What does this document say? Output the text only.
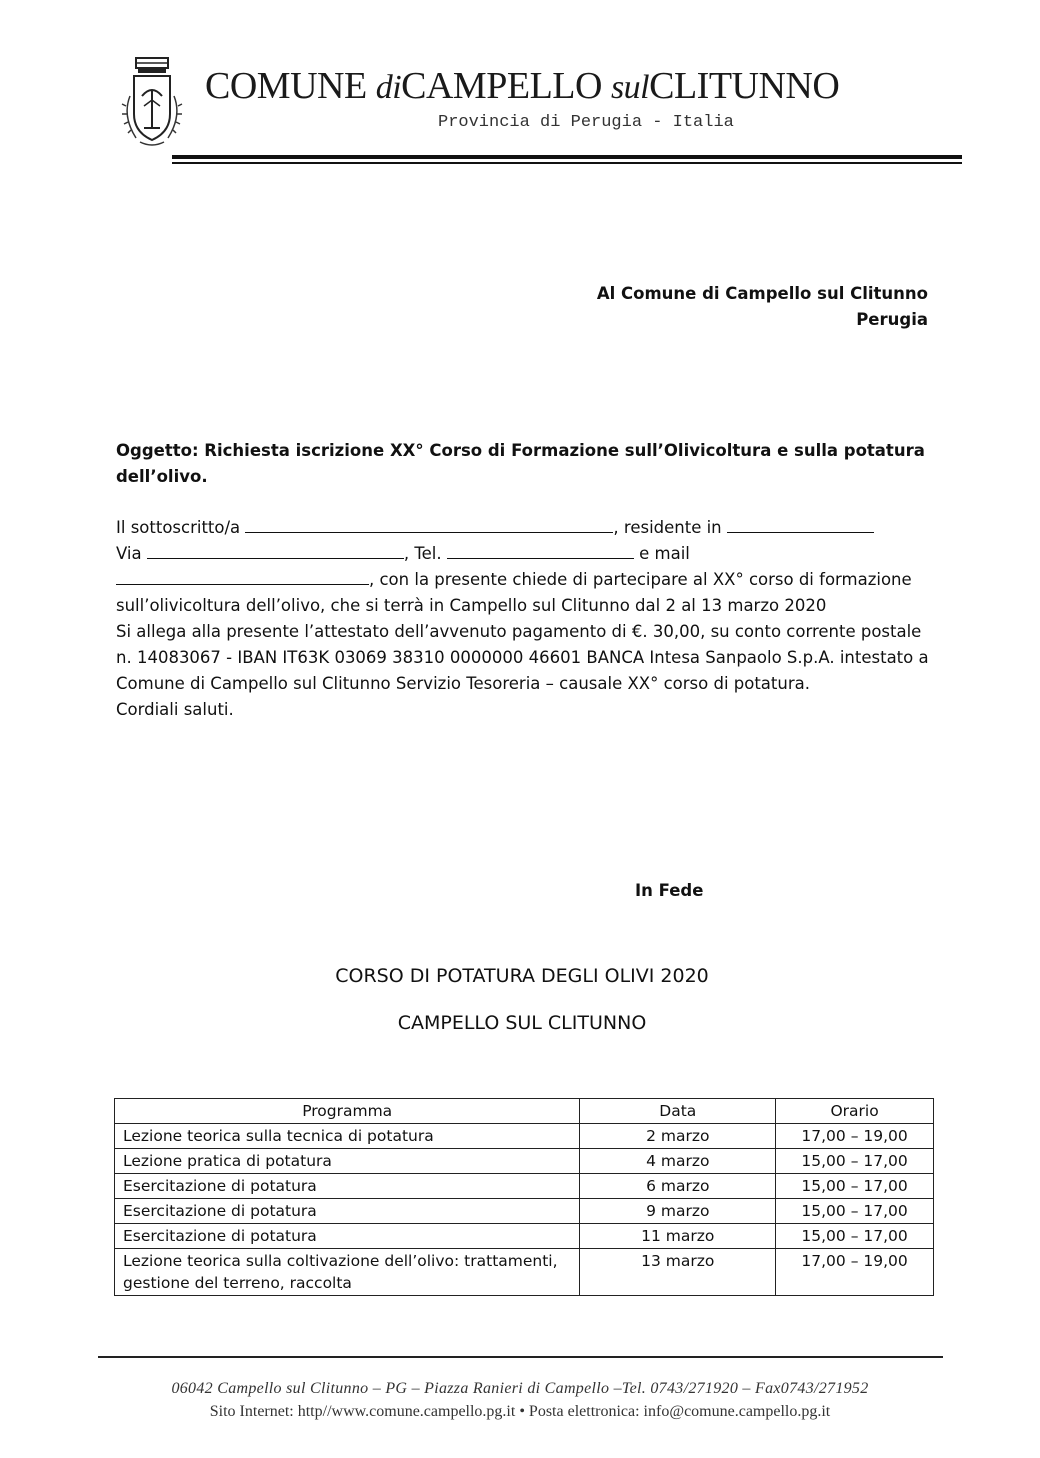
COMUNE diCAMPELLO sulCLITUNNO
Provincia di Perugia - Italia
Al Comune di Campello sul Clitunno
Perugia
Oggetto: Richiesta iscrizione XX° Corso di Formazione sull’Olivicoltura e sulla potatura dell’olivo.
Il sottoscritto/a	, residente in
Via	, Tel.	e mail
, con la presente chiede di partecipare al XX° corso di formazione sull’olivicoltura dell’olivo, che si terrà in Campello sul Clitunno dal 2 al 13 marzo 2020
Si allega alla presente l’attestato dell’avvenuto pagamento di €. 30,00, su conto corrente postale n. 14083067 - IBAN IT63K 03069 38310 0000000 46601 BANCA Intesa Sanpaolo S.p.A. intestato a Comune di Campello sul Clitunno Servizio Tesoreria – causale XX° corso di potatura.
Cordiali saluti.
In Fede
CORSO DI POTATURA DEGLI OLIVI 2020
CAMPELLO SUL CLITUNNO
Programma	Data	Orario
Lezione teorica sulla tecnica di potatura	2 marzo	17,00 – 19,00
Lezione pratica di potatura	4 marzo	15,00 – 17,00
Esercitazione di potatura	6 marzo	15,00 – 17,00
Esercitazione di potatura	9 marzo	15,00 – 17,00
Esercitazione di potatura	11 marzo	15,00 – 17,00
Lezione teorica sulla coltivazione dell’olivo: trattamenti, gestione del terreno, raccolta	13 marzo	17,00 – 19,00
06042 Campello sul Clitunno – PG – Piazza Ranieri di Campello –Tel. 0743/271920 – Fax0743/271952
Sito Internet: http//www.comune.campello.pg.it • Posta elettronica: info@comune.campello.pg.it
